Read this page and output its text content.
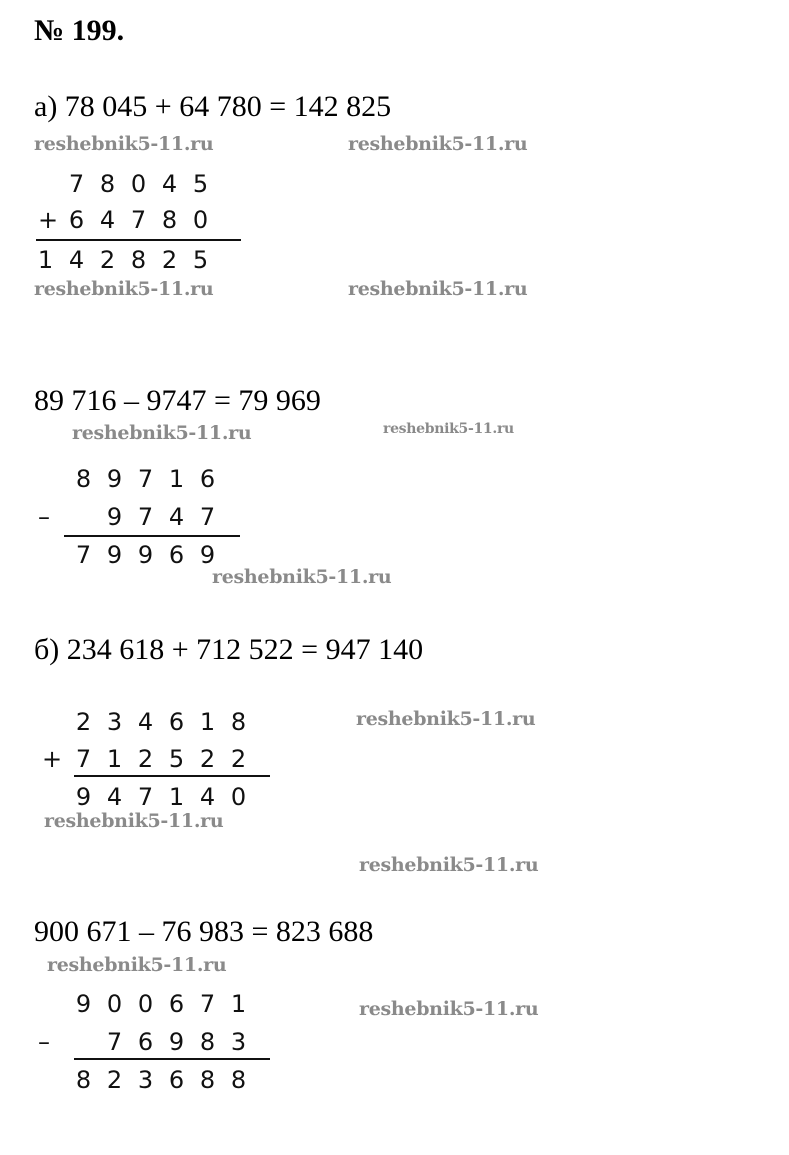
№ 199.
а) 78 045 + 64 780 = 142 825
reshebnik5-11.ru	reshebnik5-11.ru
7 8 0 4 5
+ 6 4 7 8 0
1 4 2 8 2 5
reshebnik5-11.ru	reshebnik5-11.ru
89 716 – 9747 = 79 969
reshebnik5-11.ru	reshebnik5-11.ru
8 9 7 1 6
–	9 7 4 7
7 9 9 6 9
reshebnik5-11.ru
б) 234 618 + 712 522 = 947 140
2 3 4 6 1 8	reshebnik5-11.ru
+ 7 1 2 5 2 2
9 4 7 1 4 0
reshebnik5-11.ru
reshebnik5-11.ru
900 671 – 76 983 = 823 688
reshebnik5-11.ru
9 0 0 6 7 1	reshebnik5-11.ru
–	7 6 9 8 3
8 2 3 6 8 8
